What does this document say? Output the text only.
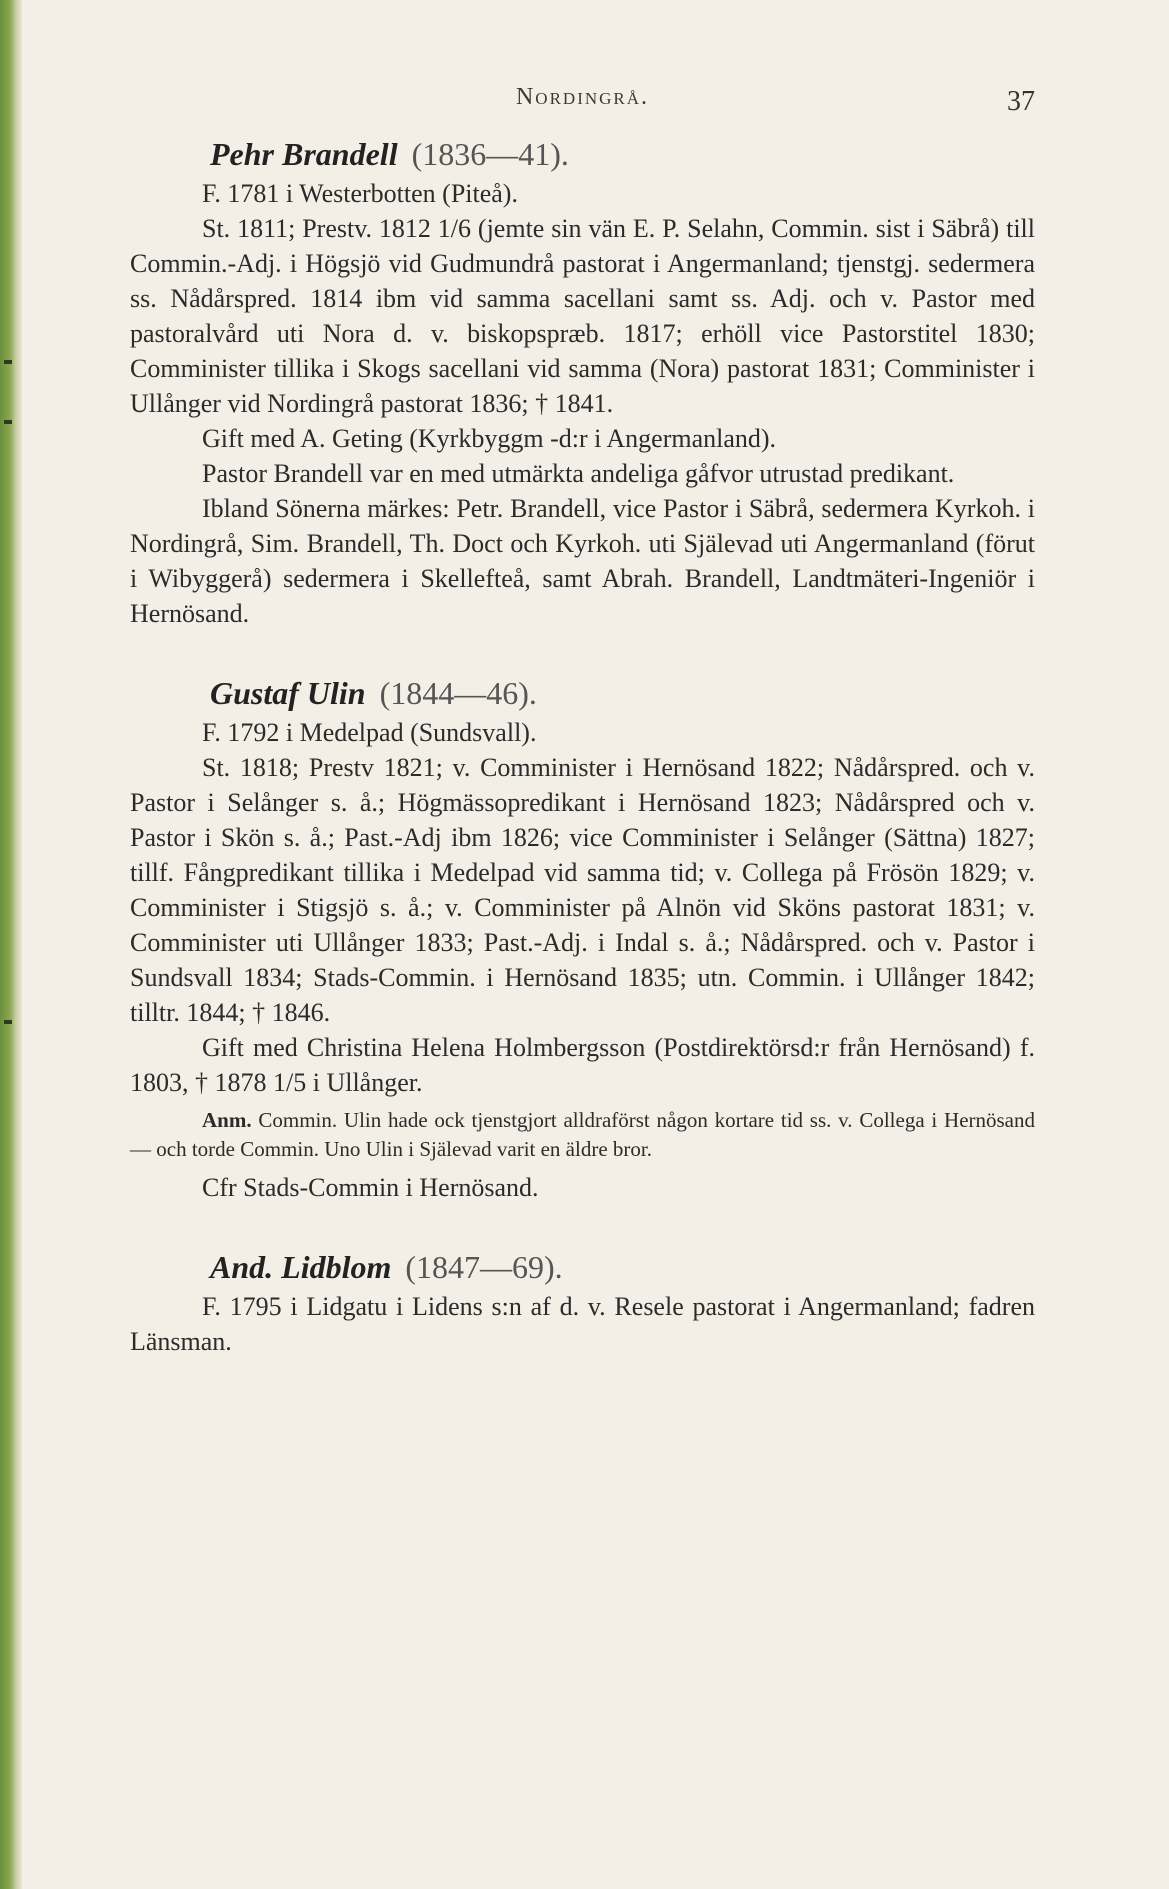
Nordingrå.	37
Pehr Brandell (1836—41).

F. 1781 i Westerbotten (Piteå).

St. 1811; Prestv. 1812 1/6 (jemte sin vän E. P. Selahn, Commin. sist i Säbrå) till Commin.-Adj. i Högsjö vid Gudmundrå pastorat i Angermanland; tjenstgj. sedermera ss. Nådårspred. 1814 ibm vid samma sacellani samt ss. Adj. och v. Pastor med pastoralvård uti Nora d. v. biskopspræb. 1817; erhöll vice Pastorstitel 1830; Comminister tillika i Skogs sacellani vid samma (Nora) pastorat 1831; Comminister i Ullånger vid Nordingrå pastorat 1836; † 1841.

Gift med A. Geting (Kyrkbyggm -d:r i Angermanland).

Pastor Brandell var en med utmärkta andeliga gåfvor utrustad predikant.

Ibland Sönerna märkes: Petr. Brandell, vice Pastor i Säbrå, sedermera Kyrkoh. i Nordingrå, Sim. Brandell, Th. Doct och Kyrkoh. uti Själevad uti Angermanland (förut i Wibyggerå) sedermera i Skellefteå, samt Abrah. Brandell, Landtmäteri-Ingeniör i Hernösand.

Gustaf Ulin (1844—46).

F. 1792 i Medelpad (Sundsvall).

St. 1818; Prestv 1821; v. Comminister i Hernösand 1822; Nådårspred. och v. Pastor i Selånger s. å.; Högmässopredikant i Hernösand 1823; Nådårspred och v. Pastor i Skön s. å.; Past.-Adj ibm 1826; vice Comminister i Selånger (Sättna) 1827; tillf. Fångpredikant tillika i Medelpad vid samma tid; v. Collega på Frösön 1829; v. Comminister i Stigsjö s. å.; v. Comminister på Alnön vid Sköns pastorat 1831; v. Comminister uti Ullånger 1833; Past.-Adj. i Indal s. å.; Nådårspred. och v. Pastor i Sundsvall 1834; Stads-Commin. i Hernösand 1835; utn. Commin. i Ullånger 1842; tilltr. 1844; † 1846.

Gift med Christina Helena Holmbergsson (Postdirektörsd:r från Hernösand) f. 1803, † 1878 1/5 i Ullånger.

Anm. Commin. Ulin hade ock tjenstgjort alldraförst någon kortare tid ss. v. Collega i Hernösand — och torde Commin. Uno Ulin i Själevad varit en äldre bror.

Cfr Stads-Commin i Hernösand.

And. Lidblom (1847—69).

F. 1795 i Lidgatu i Lidens s:n af d. v. Resele pastorat i Angermanland; fadren Länsman.
